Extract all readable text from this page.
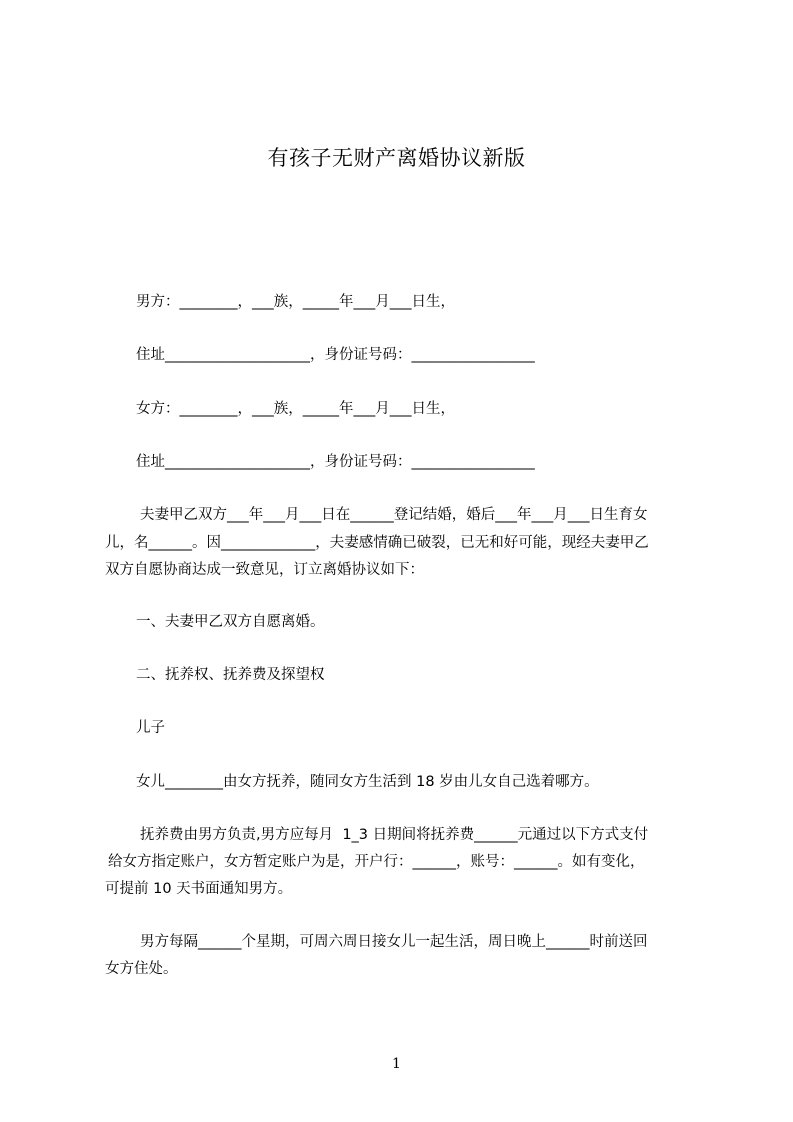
有孩子无财产离婚协议新版
男方：________，___族，_____年___月___日生，
住址____________________，身份证号码：_________________
女方：________，___族，_____年___月___日生，
住址____________________，身份证号码：_________________
夫妻甲乙双方___年___月___日在______登记结婚，婚后___年___月___日生育女
儿，名______。因_____________，夫妻感情确已破裂，已无和好可能，现经夫妻甲乙
双方自愿协商达成一致意见，订立离婚协议如下：
一、夫妻甲乙双方自愿离婚。
二、抚养权、抚养费及探望权
儿子
女儿________由女方抚养，随同女方生活到 18 岁由儿女自己选着哪方。
抚养费由男方负责,男方应每月  1_3 日期间将抚养费______元通过以下方式支付
给女方指定账户，女方暂定账户为是，开户行：______，账号：______。如有变化，
可提前 10 天书面通知男方。
男方每隔______个星期，可周六周日接女儿一起生活，周日晚上______时前送回
女方住处。
1
